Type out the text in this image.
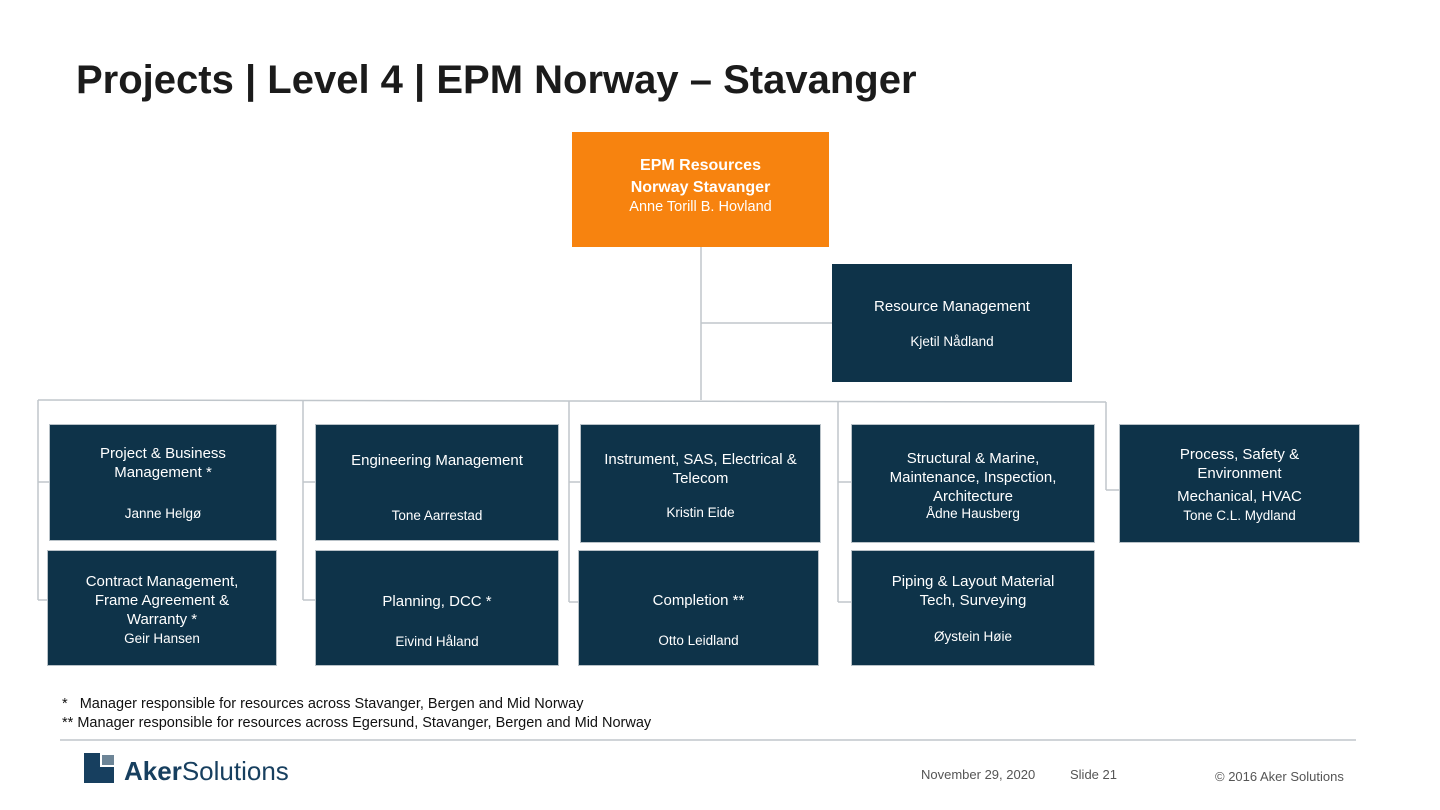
Projects | Level 4 | EPM Norway – Stavanger
EPM Resources
Norway Stavanger
Anne Torill B. Hovland
Resource Management
Kjetil Nådland
Project & Business Management *
Janne Helgø
Engineering Management
Tone Aarrestad
Instrument, SAS, Electrical & Telecom
Kristin Eide
Structural & Marine, Maintenance, Inspection, Architecture
Ådne Hausberg
Process, Safety & Environment
Mechanical, HVAC
Tone C.L. Mydland
Contract Management, Frame Agreement & Warranty *
Geir Hansen
Planning, DCC *
Eivind Håland
Completion **
Otto Leidland
Piping & Layout Material Tech, Surveying
Øystein Høie
*   Manager responsible for resources across Stavanger, Bergen and Mid Norway
** Manager responsible for resources across Egersund, Stavanger, Bergen and Mid Norway
AkerSolutions	November 29, 2020	Slide 21	© 2016 Aker Solutions
